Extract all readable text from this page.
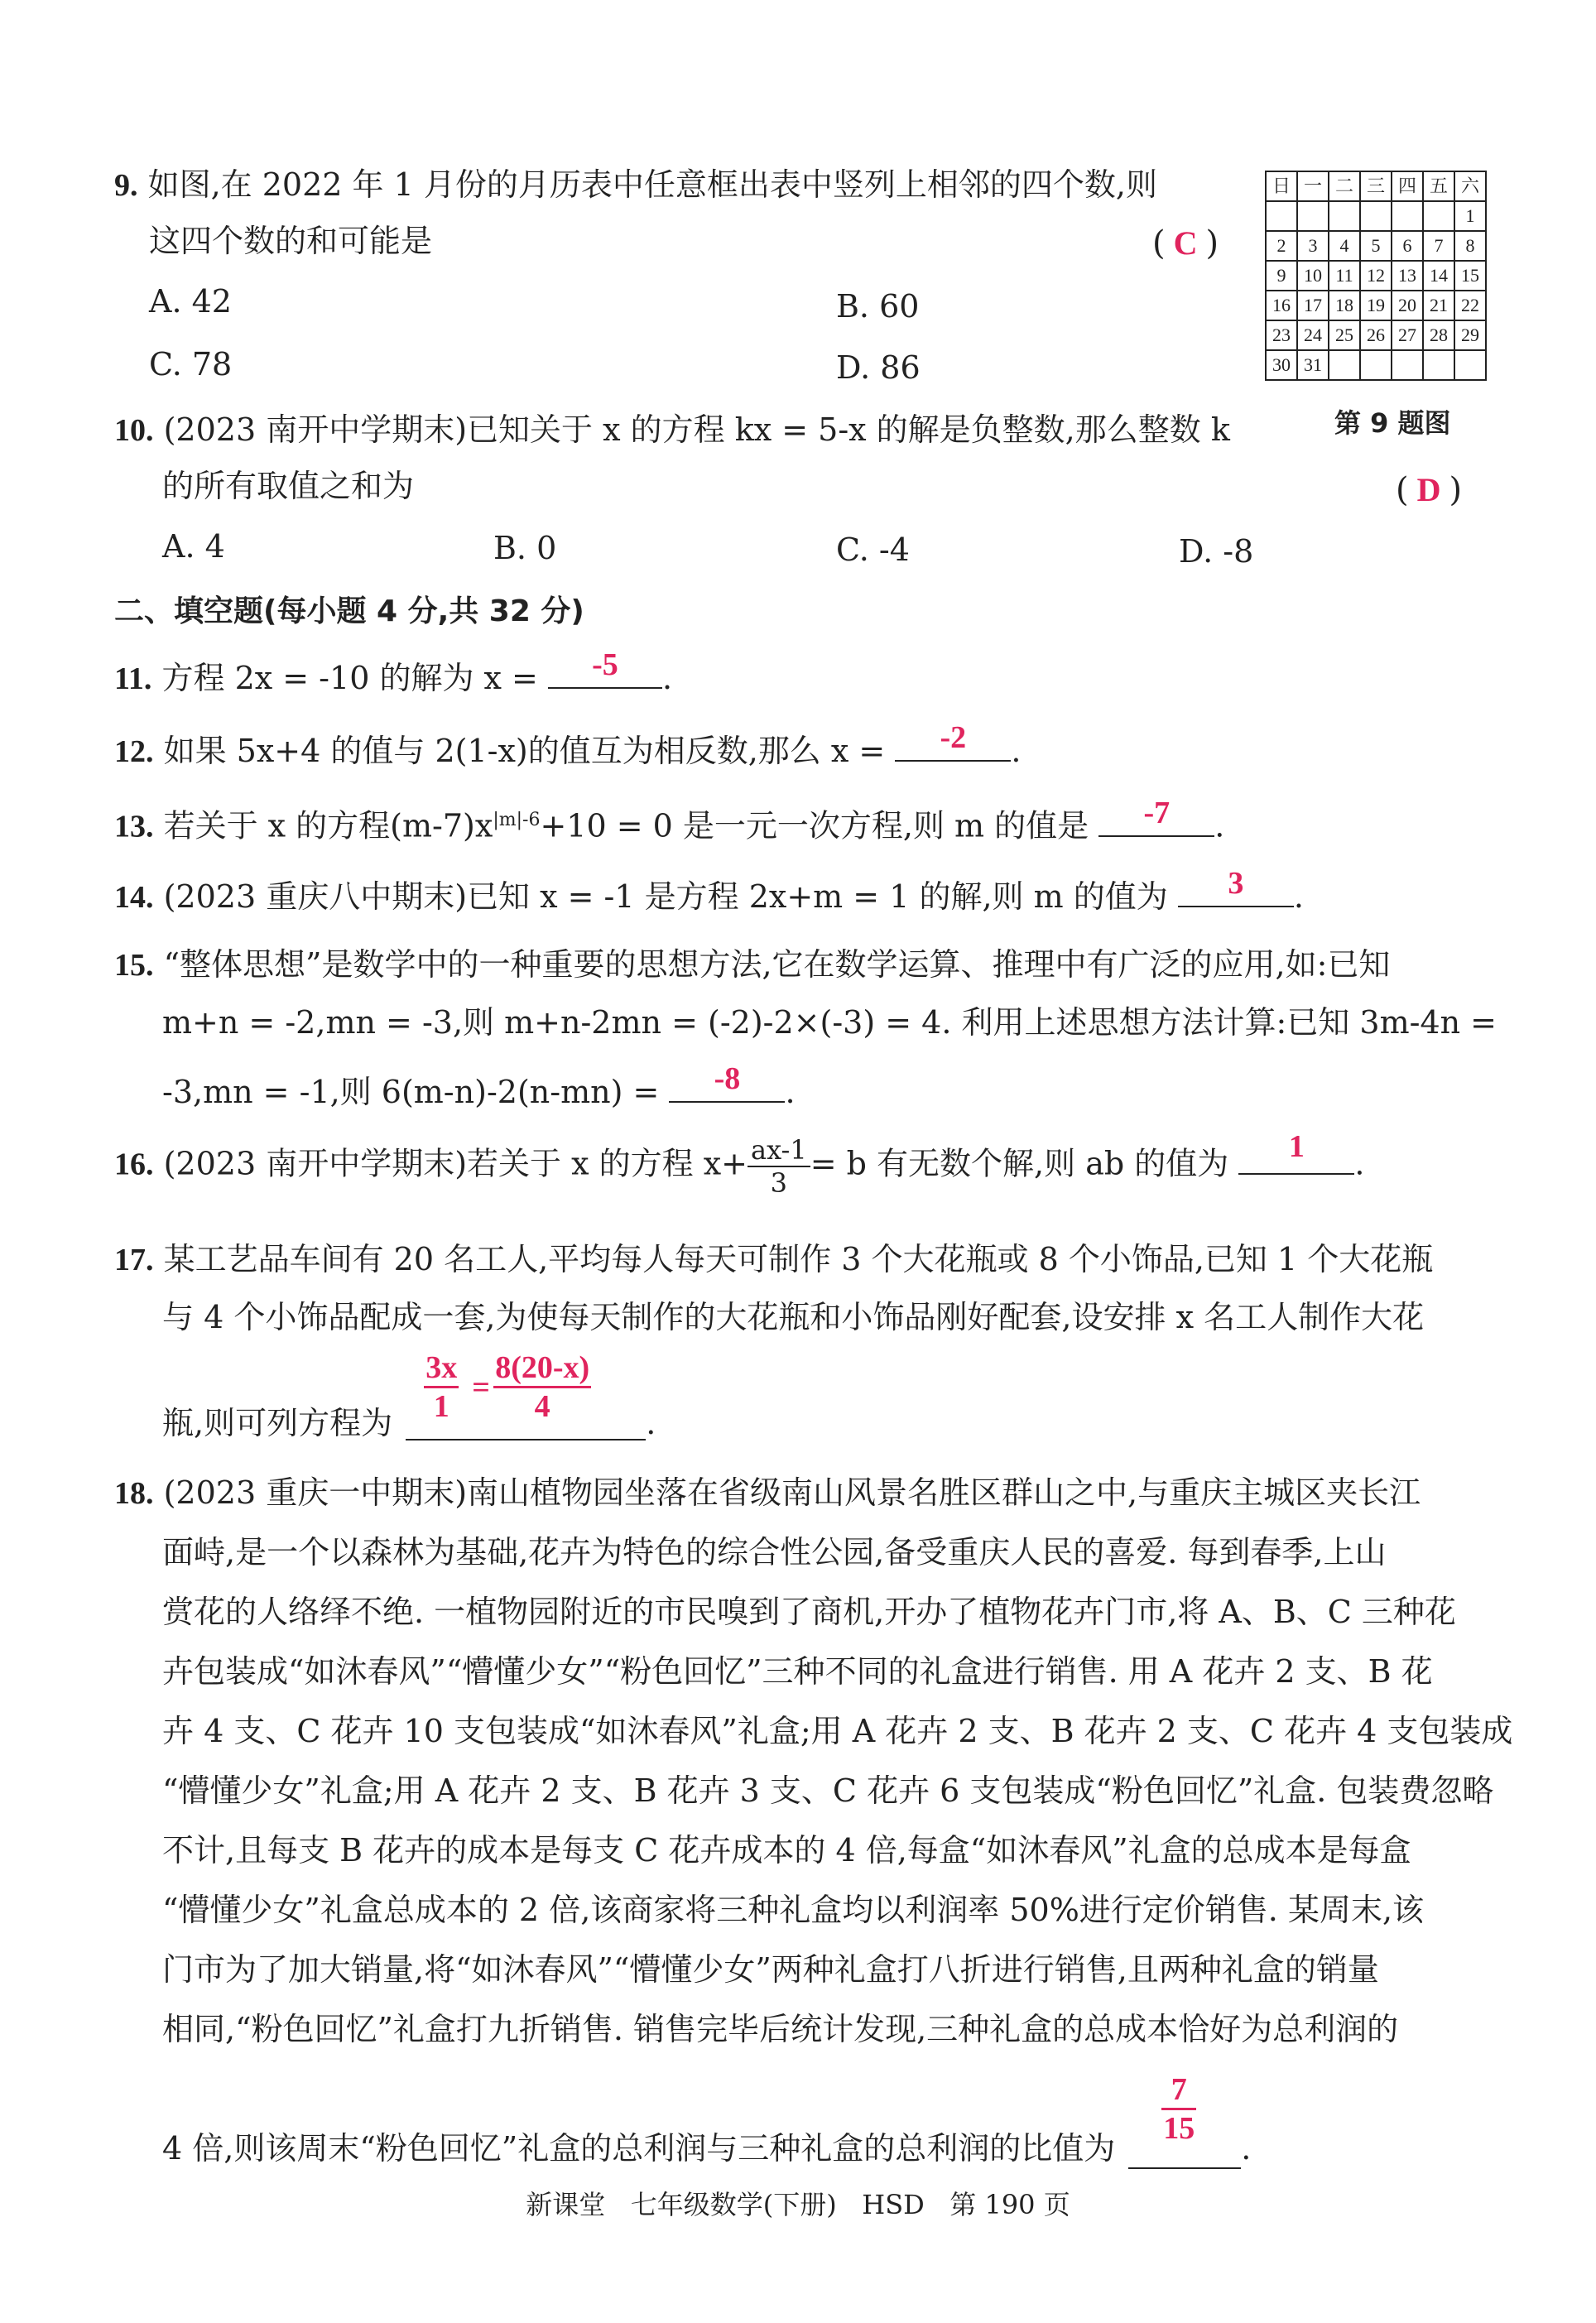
9. 如图,在 2022 年 1 月份的月历表中任意框出表中竖列上相邻的四个数,则
这四个数的和可能是	( C )
A. 42	B. 60
C. 78	D. 86
日	一	二	三	四	五	六
						1
2	3	4	5	6	7	8
9	10	11	12	13	14	15
16	17	18	19	20	21	22
23	24	25	26	27	28	29
30	31					
第 9 题图
10. (2023 南开中学期末)已知关于 x 的方程 kx = 5-x 的解是负整数,那么整数 k
的所有取值之和为	( D )
A. 4	B. 0	C. -4	D. -8
二、填空题(每小题 4 分,共 32 分)
11. 方程 2x = -10 的解为 x =	-5	.
12. 如果 5x+4 的值与 2(1-x)的值互为相反数,那么 x =	-2	.
13. 若关于 x 的方程$(m-7)x^{|m|-6}+10 = 0$ 是一元一次方程,则 m 的值是	-7	.
14. (2023 重庆八中期末)已知 x = -1 是方程 2x+m = 1 的解,则 m 的值为	3	.
15. “整体思想”是数学中的一种重要的思想方法,它在数学运算、推理中有广泛的应用,如:已知
m+n = -2,mn = -3,则 m+n-2mn = (-2)-2×(-3) = 4. 利用上述思想方法计算:已知 3m-4n =
-3,mn = -1,则 6(m-n)-2(n-mn) =	-8	.
16. (2023 南开中学期末)若关于 x 的方程 $x+ \frac{ax-1}{3} = b$ 有无数个解,则 ab 的值为	1	.
17. 某工艺品车间有 20 名工人,平均每人每天可制作 3 个大花瓶或 8 个小饰品,已知 1 个大花瓶
与 4 个小饰品配成一套,为使每天制作的大花瓶和小饰品刚好配套,设安排 x 名工人制作大花
瓶,则可列方程为 $\frac{3x}{1} = \frac{8(20-x)}{4}$ .
18. (2023 重庆一中期末)南山植物园坐落在省级南山风景名胜区群山之中,与重庆主城区夹长江
面峙,是一个以森林为基础,花卉为特色的综合性公园,备受重庆人民的喜爱. 每到春季,上山
赏花的人络绎不绝. 一植物园附近的市民嗅到了商机,开办了植物花卉门市,将 A、B、C 三种花
卉包装成“如沐春风”“懵懂少女”“粉色回忆”三种不同的礼盒进行销售. 用 A 花卉 2 支、B 花
卉 4 支、C 花卉 10 支包装成“如沐春风”礼盒;用 A 花卉 2 支、B 花卉 2 支、C 花卉 4 支包装成
“懵懂少女”礼盒;用 A 花卉 2 支、B 花卉 3 支、C 花卉 6 支包装成“粉色回忆”礼盒. 包装费忽略
不计,且每支 B 花卉的成本是每支 C 花卉成本的 4 倍,每盒“如沐春风”礼盒的总成本是每盒
“懵懂少女”礼盒总成本的 2 倍,该商家将三种礼盒均以利润率 50%进行定价销售. 某周末,该
门市为了加大销量,将“如沐春风”“懵懂少女”两种礼盒打八折进行销售,且两种礼盒的销量
相同,“粉色回忆”礼盒打九折销售. 销售完毕后统计发现,三种礼盒的总成本恰好为总利润的
4 倍,则该周末“粉色回忆”礼盒的总利润与三种礼盒的总利润的比值为
$\frac{7}{15}$
.
新课堂   七年级数学(下册)   HSD   第 190 页
